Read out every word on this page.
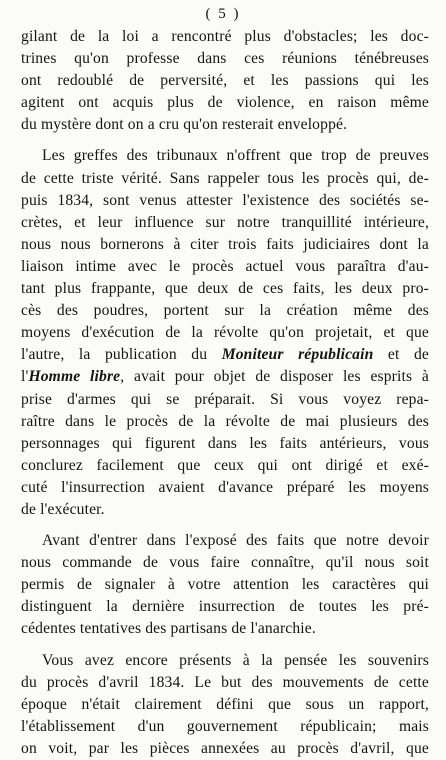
( 5 )
gilant de la loi a rencontré plus d'obstacles; les doc-
trines qu'on professe dans ces réunions ténébreuses
ont redoublé de perversité, et les passions qui les
agitent ont acquis plus de violence, en raison même
du mystère dont on a cru qu'on resterait enveloppé.
Les greffes des tribunaux n'offrent que trop de preuves
de cette triste vérité. Sans rappeler tous les procès qui, de-
puis 1834, sont venus attester l'existence des sociétés se-
crètes, et leur influence sur notre tranquillité intérieure,
nous nous bornerons à citer trois faits judiciaires dont la
liaison intime avec le procès actuel vous paraîtra d'au-
tant plus frappante, que deux de ces faits, les deux pro-
cès des poudres, portent sur la création même des
moyens d'exécution de la révolte qu'on projetait, et que
l'autre, la publication du Moniteur républicain et de
l'Homme libre, avait pour objet de disposer les esprits à
prise d'armes qui se préparait. Si vous voyez repa-
raître dans le procès de la révolte de mai plusieurs des
personnages qui figurent dans les faits antérieurs, vous
conclurez facilement que ceux qui ont dirigé et exé-
cuté l'insurrection avaient d'avance préparé les moyens
de l'exécuter.
Avant d'entrer dans l'exposé des faits que notre devoir
nous commande de vous faire connaître, qu'il nous soit
permis de signaler à votre attention les caractères qui
distinguent la dernière insurrection de toutes les pré-
cédentes tentatives des partisans de l'anarchie.
Vous avez encore présents à la pensée les souvenirs
du procès d'avril 1834. Le but des mouvements de cette
époque n'était clairement défini que sous un rapport,
l'établissement d'un gouvernement républicain; mais
on voit, par les pièces annexées au procès d'avril, que
